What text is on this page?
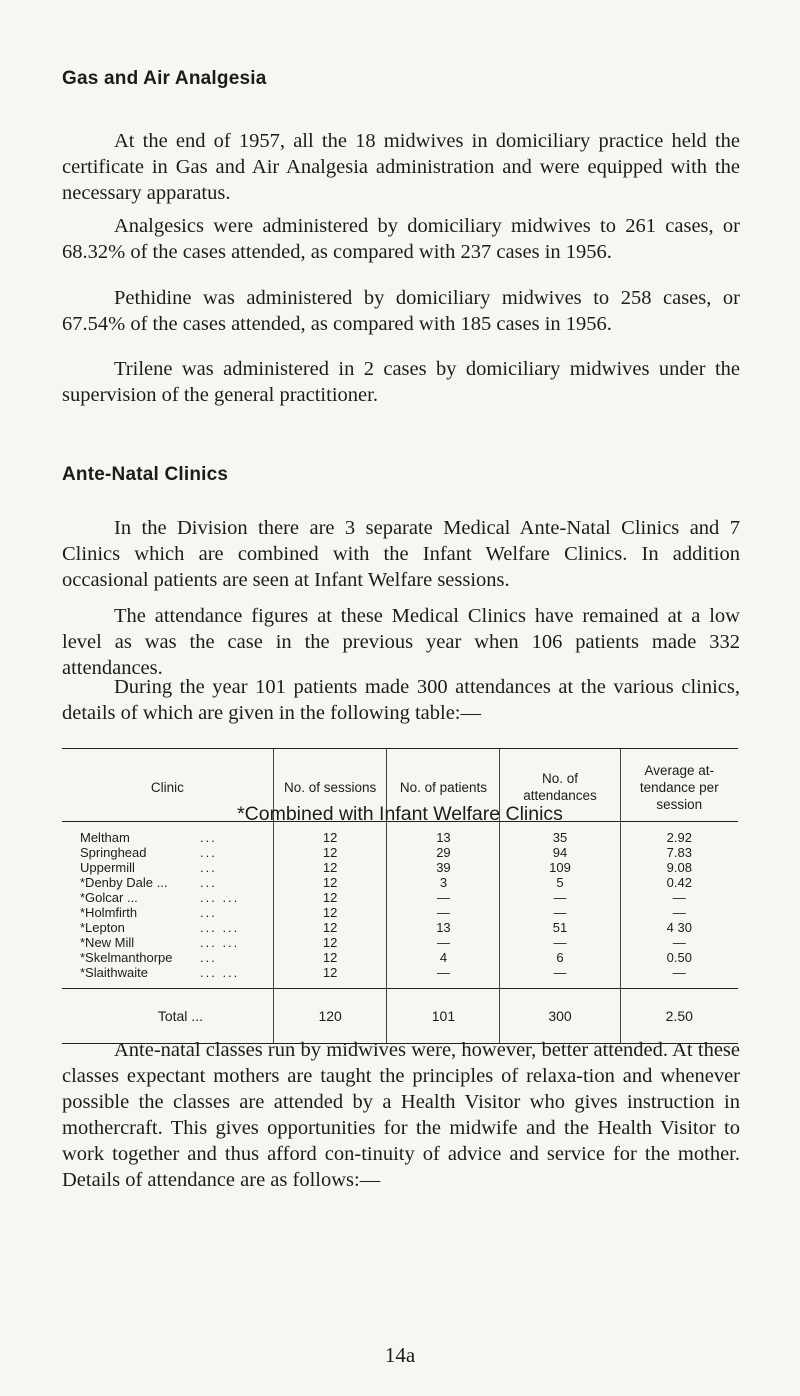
Gas and Air Analgesia

At the end of 1957, all the 18 midwives in domiciliary practice held the certificate in Gas and Air Analgesia administration and were equipped with the necessary apparatus.

Analgesics were administered by domiciliary midwives to 261 cases, or 68.32% of the cases attended, as compared with 237 cases in 1956.

Pethidine was administered by domiciliary midwives to 258 cases, or 67.54% of the cases attended, as compared with 185 cases in 1956.

Trilene was administered in 2 cases by domiciliary midwives under the supervision of the general practitioner.

Ante-Natal Clinics

In the Division there are 3 separate Medical Ante-Natal Clinics and 7 Clinics which are combined with the Infant Welfare Clinics. In addition occasional patients are seen at Infant Welfare sessions.

The attendance figures at these Medical Clinics have remained at a low level as was the case in the previous year when 106 patients made 332 attendances.

During the year 101 patients made 300 attendances at the various clinics, details of which are given in the following table:—

Clinic	No. of sessions	No. of patients	No. of attendances	Average at-tendance per session
Meltham ...	12	13	35	2.92
Springhead ...	12	29	94	7.83
Uppermill ...	12	39	109	9.08
*Denby Dale ... ...	12	3	5	0.42
*Golcar ... ... ...	12	—	—	—
*Holmfirth ...	12	—	—	—
*Lepton ... ...	12	13	51	4 30
*New Mill ... ...	12	—	—	—
*Skelmanthorpe ...	12	4	6	0.50
*Slaithwaite ... ...	12	—	—	—
Total ...	120	101	300	2.50
*Combined with Infant Welfare Clinics

Ante-natal classes run by midwives were, however, better attended. At these classes expectant mothers are taught the principles of relaxa-tion and whenever possible the classes are attended by a Health Visitor who gives instruction in mothercraft. This gives opportunities for the midwife and the Health Visitor to work together and thus afford con-tinuity of advice and service for the mother. Details of attendance are as follows:—

14a
